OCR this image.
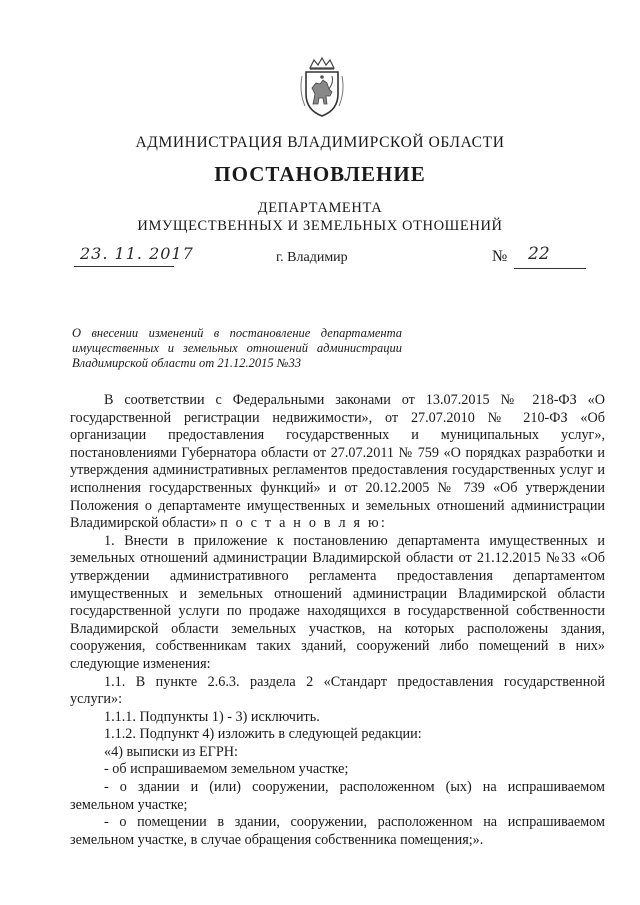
АДМИНИСТРАЦИЯ ВЛАДИМИРСКОЙ ОБЛАСТИ
ПОСТАНОВЛЕНИЕ
ДЕПАРТАМЕНТА
ИМУЩЕСТВЕННЫХ И ЗЕМЕЛЬНЫХ ОТНОШЕНИЙ
23. 11. 2017	г. Владимир	№ 22
О внесении изменений в постановление департамента имущественных и земельных отношений администрации Владимирской области от 21.12.2015 №33

В соответствии с Федеральными законами от 13.07.2015 № 218-ФЗ «О государственной регистрации недвижимости», от 27.07.2010 № 210-ФЗ «Об организации предоставления государственных и муниципальных услуг», постановлениями Губернатора области от 27.07.2011 № 759 «О порядках разработки и утверждения административных регламентов предоставления государственных услуг и исполнения государственных функций» и от 20.12.2005 № 739 «Об утверждении Положения о департаменте имущественных и земельных отношений администрации Владимирской области» п о с т а н о в л я ю:

1. Внести в приложение к постановлению департамента имущественных и земельных отношений администрации Владимирской области от 21.12.2015 №33 «Об утверждении административного регламента предоставления департаментом имущественных и земельных отношений администрации Владимирской области государственной услуги по продаже находящихся в государственной собственности Владимирской области земельных участков, на которых расположены здания, сооружения, собственникам таких зданий, сооружений либо помещений в них» следующие изменения:

1.1. В пункте 2.6.3. раздела 2 «Стандарт предоставления государственной услуги»:

1.1.1. Подпункты 1) - 3) исключить.

1.1.2. Подпункт 4) изложить в следующей редакции:

«4) выписки из ЕГРН:

- об испрашиваемом земельном участке;

- о здании и (или) сооружении, расположенном (ых) на испрашиваемом земельном участке;

- о помещении в здании, сооружении, расположенном на испрашиваемом земельном участке, в случае обращения собственника помещения;».
